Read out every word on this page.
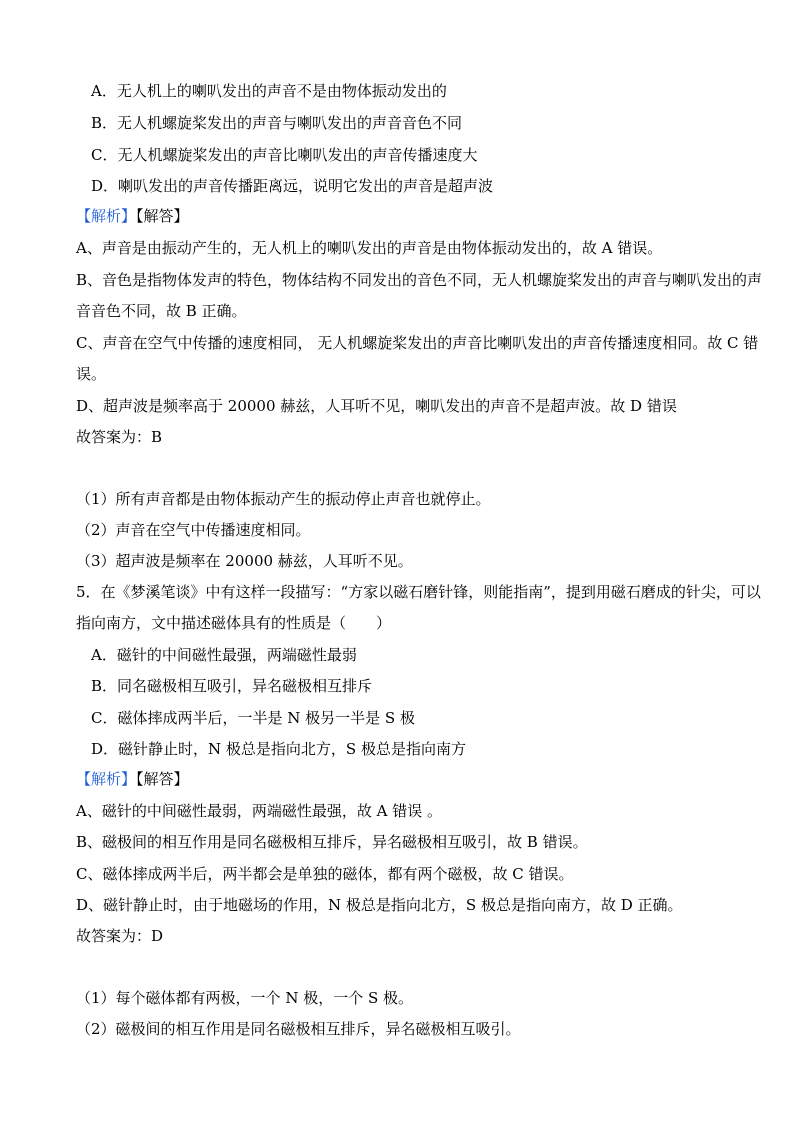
A．无人机上的喇叭发出的声音不是由物体振动发出的
B．无人机螺旋桨发出的声音与喇叭发出的声音音色不同
C．无人机螺旋桨发出的声音比喇叭发出的声音传播速度大
D．喇叭发出的声音传播距离远，说明它发出的声音是超声波
【解析】【解答】
A、声音是由振动产生的，无人机上的喇叭发出的声音是由物体振动发出的，故 A 错误。
B、音色是指物体发声的特色，物体结构不同发出的音色不同，无人机螺旋桨发出的声音与喇叭发出的声
音音色不同，故 B 正确。
C、声音在空气中传播的速度相同， 无人机螺旋桨发出的声音比喇叭发出的声音传播速度相同。故 C 错
误。
D、超声波是频率高于 20000 赫兹，人耳听不见，喇叭发出的声音不是超声波。故 D 错误
故答案为：B
（1）所有声音都是由物体振动产生的振动停止声音也就停止。
（2）声音在空气中传播速度相同。
（3）超声波是频率在 20000 赫兹，人耳听不见。
5．在《梦溪笔谈》中有这样一段描写：“方家以磁石磨针锋，则能指南”，提到用磁石磨成的针尖，可以
指向南方，文中描述磁体具有的性质是（　　）
A．磁针的中间磁性最强，两端磁性最弱
B．同名磁极相互吸引，异名磁极相互排斥
C．磁体摔成两半后，一半是 N 极另一半是 S 极
D．磁针静止时，N 极总是指向北方，S 极总是指向南方
【解析】【解答】
A、磁针的中间磁性最弱，两端磁性最强，故 A 错误 。
B、磁极间的相互作用是同名磁极相互排斥，异名磁极相互吸引，故 B 错误。
C、磁体摔成两半后，两半都会是单独的磁体，都有两个磁极，故 C 错误。
D、磁针静止时，由于地磁场的作用，N 极总是指向北方，S 极总是指向南方，故 D 正确。
故答案为：D
（1）每个磁体都有两极，一个 N 极，一个 S 极。
（2）磁极间的相互作用是同名磁极相互排斥，异名磁极相互吸引。
